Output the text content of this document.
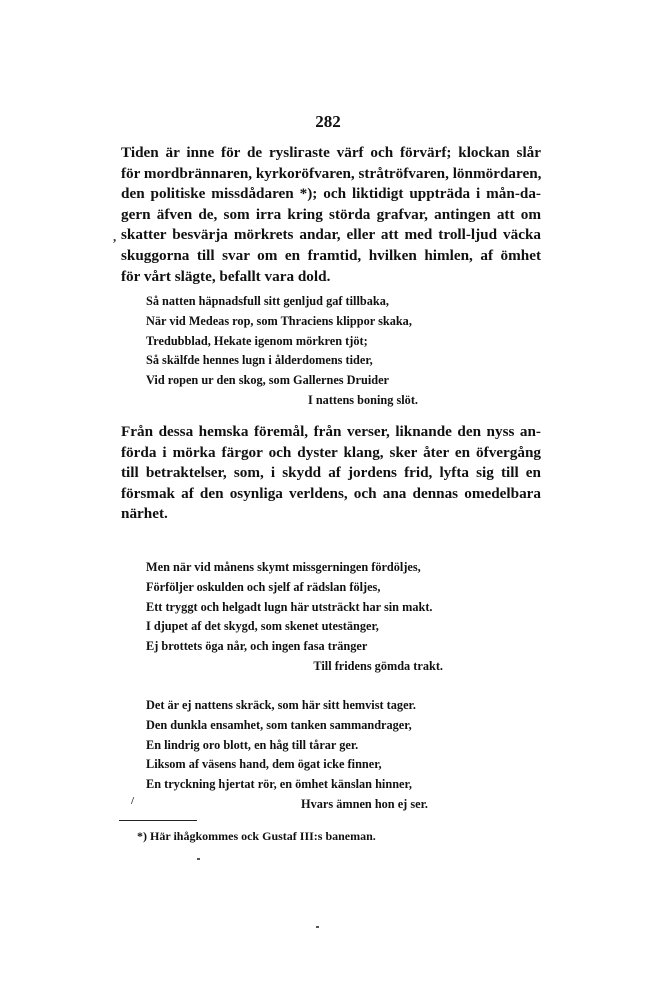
282
Tiden är inne för de ryslігaste värf och förvärf; klockan slår
för mordbrännaren, kyrkoröfvaren, stråtröfvaren, lönmördaren,
den politiske missdådaren *); och liktidigt uppträda i mån-da-
gern äfven de, som irra kring störda grafvar, antingen att om
skatter besvärja mörkrets andar, eller att med troll-ljud väcka
skuggorna till svar om en framtid, hvilken himlen, af ömhet
för vårt slägte, befallt vara dold.
,
Så natten häpnadsfull sitt genljud gaf tillbaka,
När vid Medeas rop, som Thraciens klippor skaka,
Tredubblad, Hekate igenom mörkren tjöt;
Så skälfde hennes lugn i ålderdomens tider,
Vid ropen ur den skog, som Gallernes Druider
I nattens boning slöt.
Från dessa hemska föremål, från verser, liknande den nyss an-
förda i mörka färgor och dyster klang, sker åter en öfvergång
till betraktelser, som, i skydd af jordens frid, lyfta sig till en
försmak af den osynliga verldens, och ana dennas omedelbara
närhet.
Men när vid månens skymt missgerningen fördöljes,
Förföljer oskulden och sjelf af rädslan följes,
Ett tryggt och helgadt lugn här utsträckt har sin makt.
I djupet af det skygd, som skenet utestänger,
Ej brottets öga når, och ingen fasa tränger
Till fridens gömda trakt.
Det är ej nattens skräck, som här sitt hemvist tager.
Den dunkla ensamhet, som tanken sammandrager,
En lindrig oro blott, en håg till tårar ger.
Liksom af väsens hand, dem ögat icke finner,
En tryckning hjertat rör, en ömhet känslan hinner,
Hvars ämnen hon ej ser.
/
*) Här ihågkommes ock Gustaf III:s baneman.
